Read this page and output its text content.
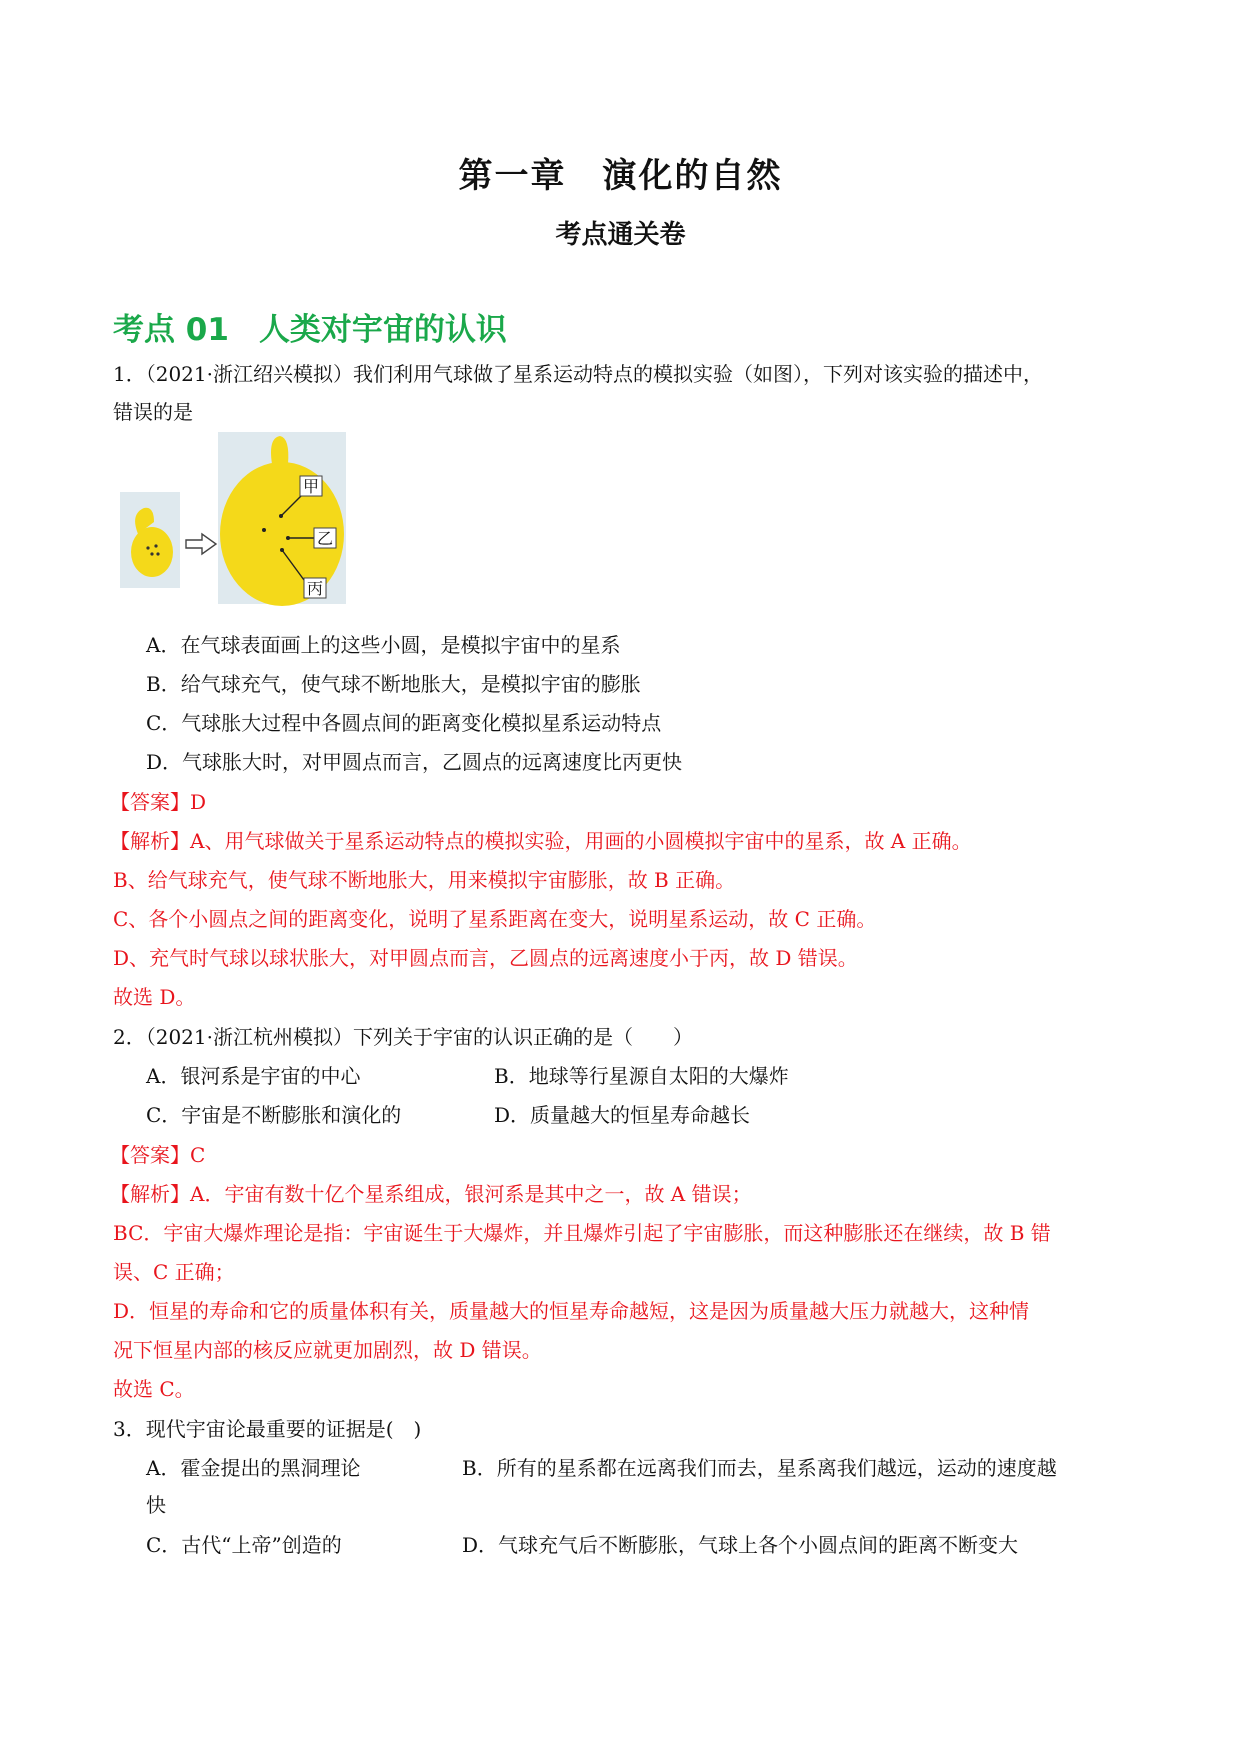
第一章　演化的自然
考点通关卷
考点 01 人类对宇宙的认识
1．（2021·浙江绍兴模拟）我们利用气球做了星系运动特点的模拟实验（如图），下列对该实验的描述中，
错误的是
甲
乙
丙
A．在气球表面画上的这些小圆，是模拟宇宙中的星系
B．给气球充气，使气球不断地胀大，是模拟宇宙的膨胀
C．气球胀大过程中各圆点间的距离变化模拟星系运动特点
D．气球胀大时，对甲圆点而言，乙圆点的远离速度比丙更快
【答案】D
【解析】A、用气球做关于星系运动特点的模拟实验，用画的小圆模拟宇宙中的星系，故 A 正确。
B、给气球充气，使气球不断地胀大，用来模拟宇宙膨胀，故 B 正确。
C、各个小圆点之间的距离变化，说明了星系距离在变大，说明星系运动，故 C 正确。
D、充气时气球以球状胀大，对甲圆点而言，乙圆点的远离速度小于丙，故 D 错误。
故选 D。
2．（2021·浙江杭州模拟）下列关于宇宙的认识正确的是（　　）
A．银河系是宇宙的中心	B．地球等行星源自太阳的大爆炸
C．宇宙是不断膨胀和演化的	D．质量越大的恒星寿命越长
【答案】C
【解析】A．宇宙有数十亿个星系组成，银河系是其中之一，故 A 错误；
BC．宇宙大爆炸理论是指：宇宙诞生于大爆炸，并且爆炸引起了宇宙膨胀，而这种膨胀还在继续，故 B 错
误、C 正确；
D．恒星的寿命和它的质量体积有关，质量越大的恒星寿命越短，这是因为质量越大压力就越大，这种情
况下恒星内部的核反应就更加剧烈，故 D 错误。
故选 C。
3．现代宇宙论最重要的证据是(　)
A．霍金提出的黑洞理论	B．所有的星系都在远离我们而去，星系离我们越远，运动的速度越
快
C．古代“上帝”创造的	D．气球充气后不断膨胀，气球上各个小圆点间的距离不断变大
